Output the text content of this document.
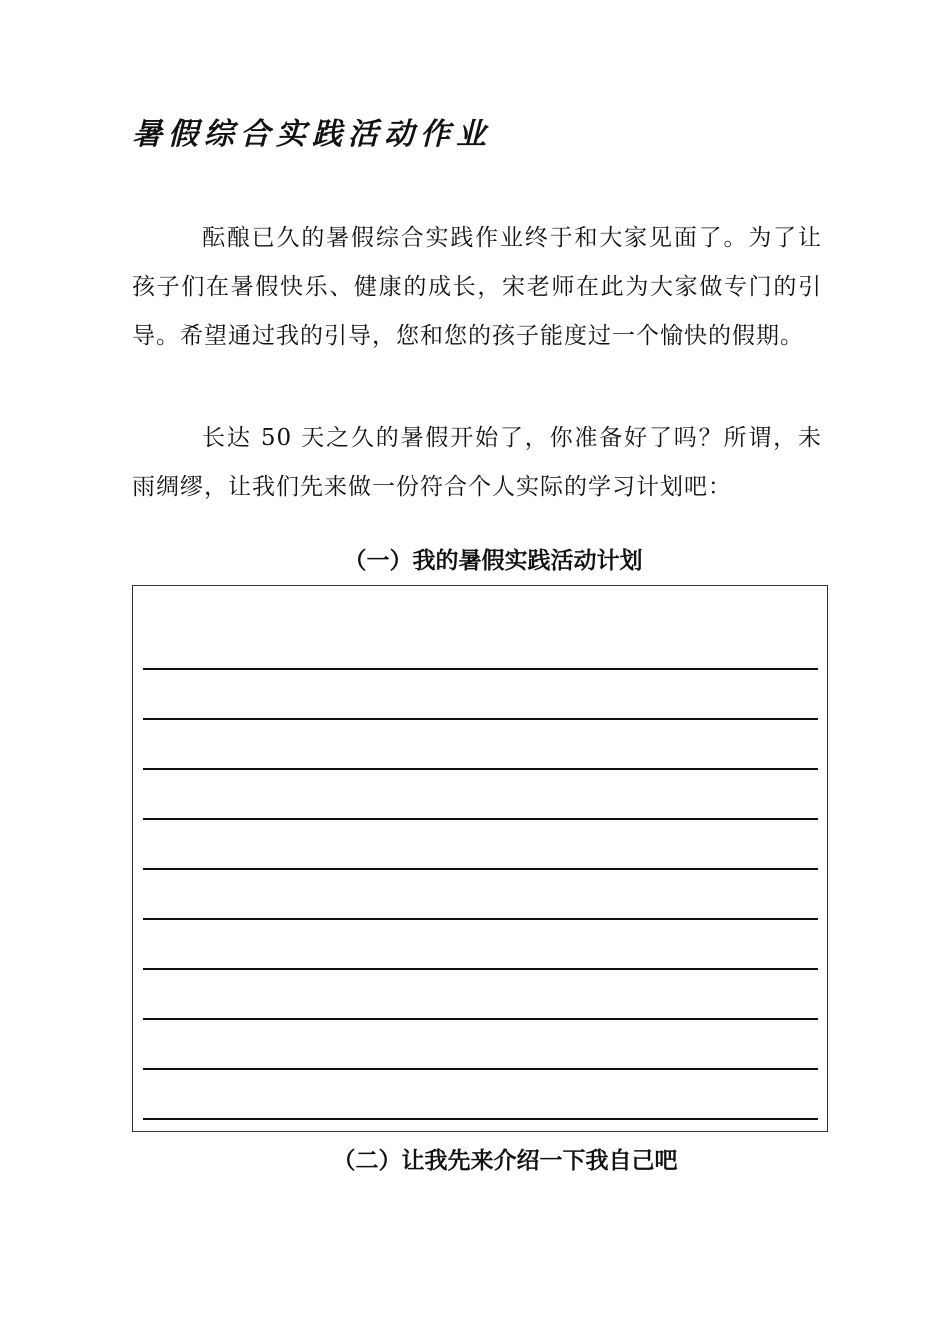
暑假综合实践活动作业

酝酿已久的暑假综合实践作业终于和大家见面了。为了让孩子们在暑假快乐、健康的成长，宋老师在此为大家做专门的引导。希望通过我的引导，您和您的孩子能度过一个愉快的假期。

长达 50 天之久的暑假开始了，你准备好了吗？所谓，未雨绸缪，让我们先来做一份符合个人实际的学习计划吧：

（一）我的暑假实践活动计划
（二）让我先来介绍一下我自己吧
